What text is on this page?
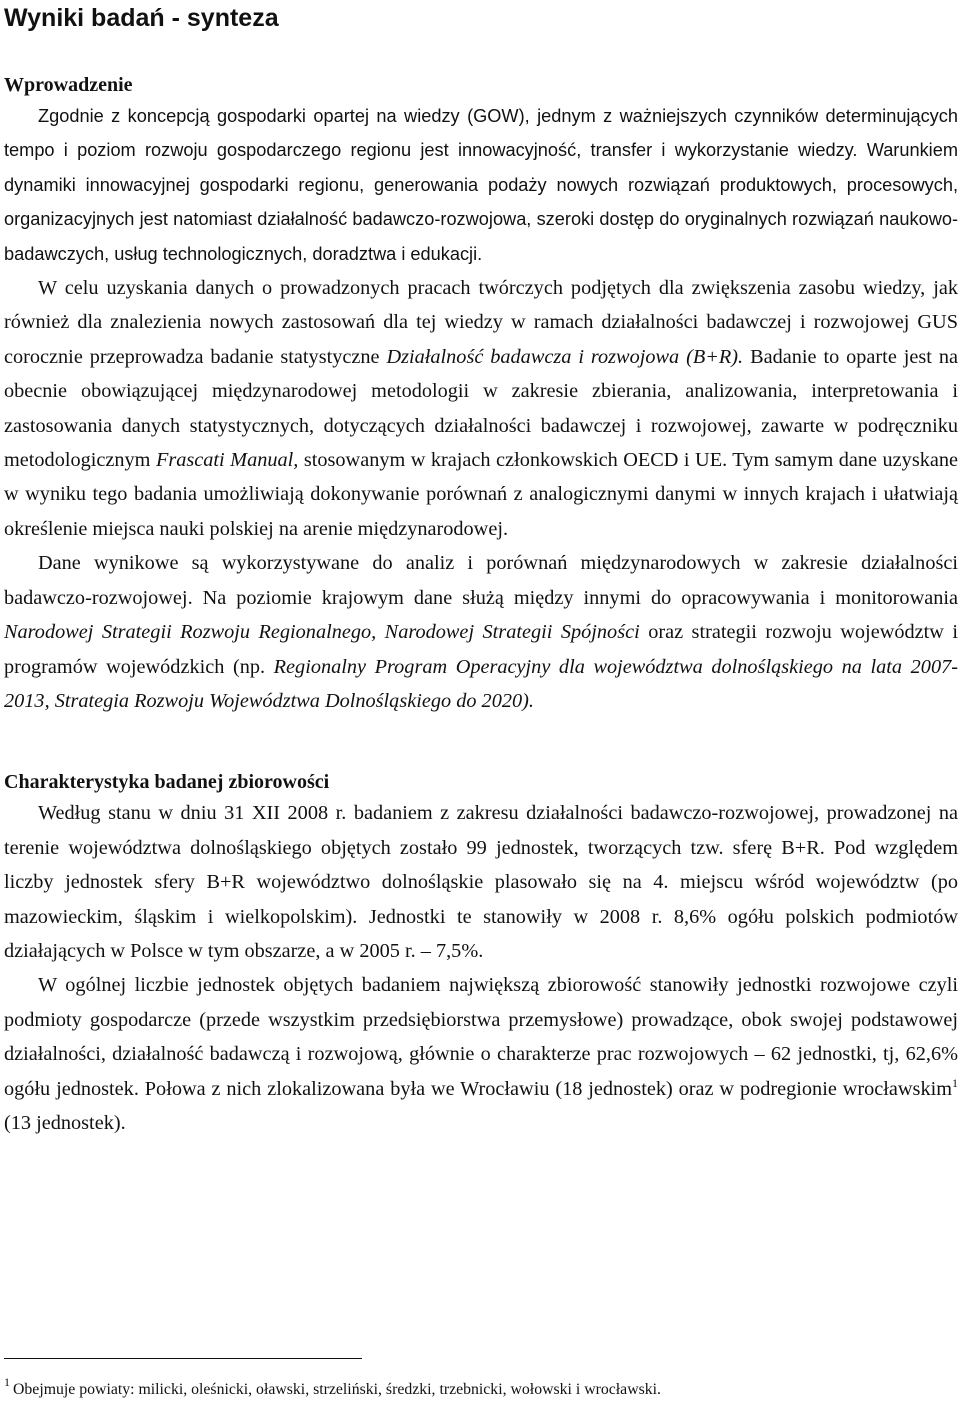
Wyniki badań - synteza
Wprowadzenie

Zgodnie z koncepcją gospodarki opartej na wiedzy (GOW), jednym z ważniejszych czynników determinujących tempo i poziom rozwoju gospodarczego regionu jest innowacyjność, transfer i wykorzystanie wiedzy. Warunkiem dynamiki innowacyjnej gospodarki regionu, generowania podaży nowych rozwiązań produktowych, procesowych, organizacyjnych jest natomiast działalność badawczo-rozwojowa, szeroki dostęp do oryginalnych rozwiązań naukowo-badawczych, usług technologicznych, doradztwa i edukacji.

W celu uzyskania danych o prowadzonych pracach twórczych podjętych dla zwiększenia zasobu wiedzy, jak również dla znalezienia nowych zastosowań dla tej wiedzy w ramach działalności badawczej i rozwojowej GUS corocznie przeprowadza badanie statystyczne Działalność badawcza i rozwojowa (B+R). Badanie to oparte jest na obecnie obowiązującej międzynarodowej metodologii w zakresie zbierania, analizowania, interpretowania i zastosowania danych statystycznych, dotyczących działalności badawczej i rozwojowej, zawarte w podręczniku metodologicznym Frascati Manual, stosowanym w krajach członkowskich OECD i UE. Tym samym dane uzyskane w wyniku tego badania umożliwiają dokonywanie porównań z analogicznymi danymi w innych krajach i ułatwiają określenie miejsca nauki polskiej na arenie międzynarodowej.

Dane wynikowe są wykorzystywane do analiz i porównań międzynarodowych w zakresie działalności badawczo-rozwojowej. Na poziomie krajowym dane służą między innymi do opracowywania i monitorowania Narodowej Strategii Rozwoju Regionalnego, Narodowej Strategii Spójności oraz strategii rozwoju województw i programów wojewódzkich (np. Regionalny Program Operacyjny dla województwa dolnośląskiego na lata 2007-2013, Strategia Rozwoju Województwa Dolnośląskiego do 2020).

Charakterystyka badanej zbiorowości

Według stanu w dniu 31 XII 2008 r. badaniem z zakresu działalności badawczo-rozwojowej, prowadzonej na terenie województwa dolnośląskiego objętych zostało 99 jednostek, tworzących tzw. sferę B+R. Pod względem liczby jednostek sfery B+R województwo dolnośląskie plasowało się na 4. miejscu wśród województw (po mazowieckim, śląskim i wielkopolskim). Jednostki te stanowiły w 2008 r. 8,6% ogółu polskich podmiotów działających w Polsce w tym obszarze, a w 2005 r. – 7,5%.

W ogólnej liczbie jednostek objętych badaniem największą zbiorowość stanowiły jednostki rozwojowe czyli podmioty gospodarcze (przede wszystkim przedsiębiorstwa przemysłowe) prowadzące, obok swojej podstawowej działalności, działalność badawczą i rozwojową, głównie o charakterze prac rozwojowych – 62 jednostki, tj, 62,6% ogółu jednostek. Połowa z nich zlokalizowana była we Wrocławiu (18 jednostek) oraz w podregionie wrocławskim$^1$ (13 jednostek).

$^1$ Obejmuje powiaty: milicki, oleśnicki, oławski, strzeliński, średzki, trzebnicki, wołowski i wrocławski.
